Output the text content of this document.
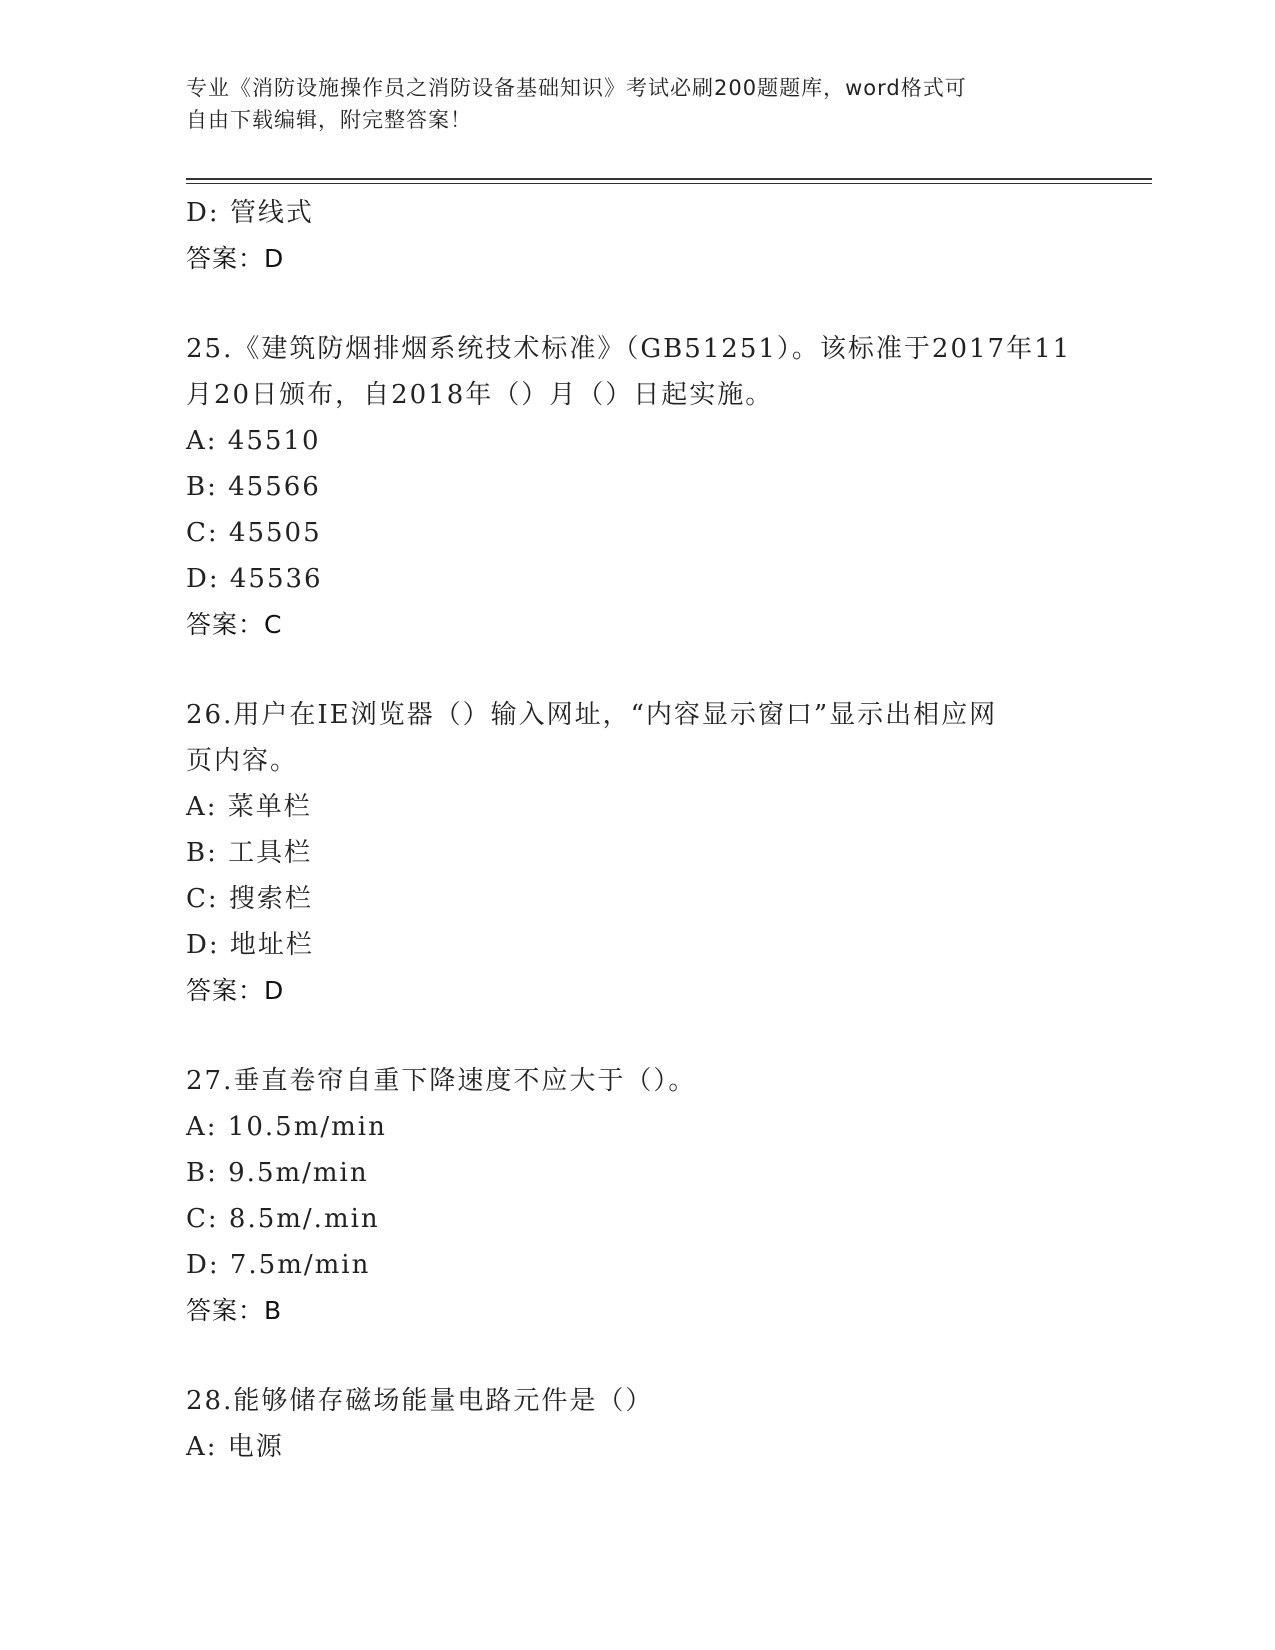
专业《消防设施操作员之消防设备基础知识》考试必刷200题题库，word格式可
自由下载编辑，附完整答案！
D: 管线式
答案：D
25.《建筑防烟排烟系统技术标准》（GB51251）。该标准于2017年11
月20日颁布，自2018年（）月（）日起实施。
A: 45510
B: 45566
C: 45505
D: 45536
答案：C
26.用户在IE浏览器（）输入网址，“内容显示窗口”显示出相应网
页内容。
A: 菜单栏
B: 工具栏
C: 搜索栏
D: 地址栏
答案：D
27.垂直卷帘自重下降速度不应大于（）。
A: 10.5m/min
B: 9.5m/min
C: 8.5m/.min
D: 7.5m/min
答案：B
28.能够储存磁场能量电路元件是（）
A: 电源
